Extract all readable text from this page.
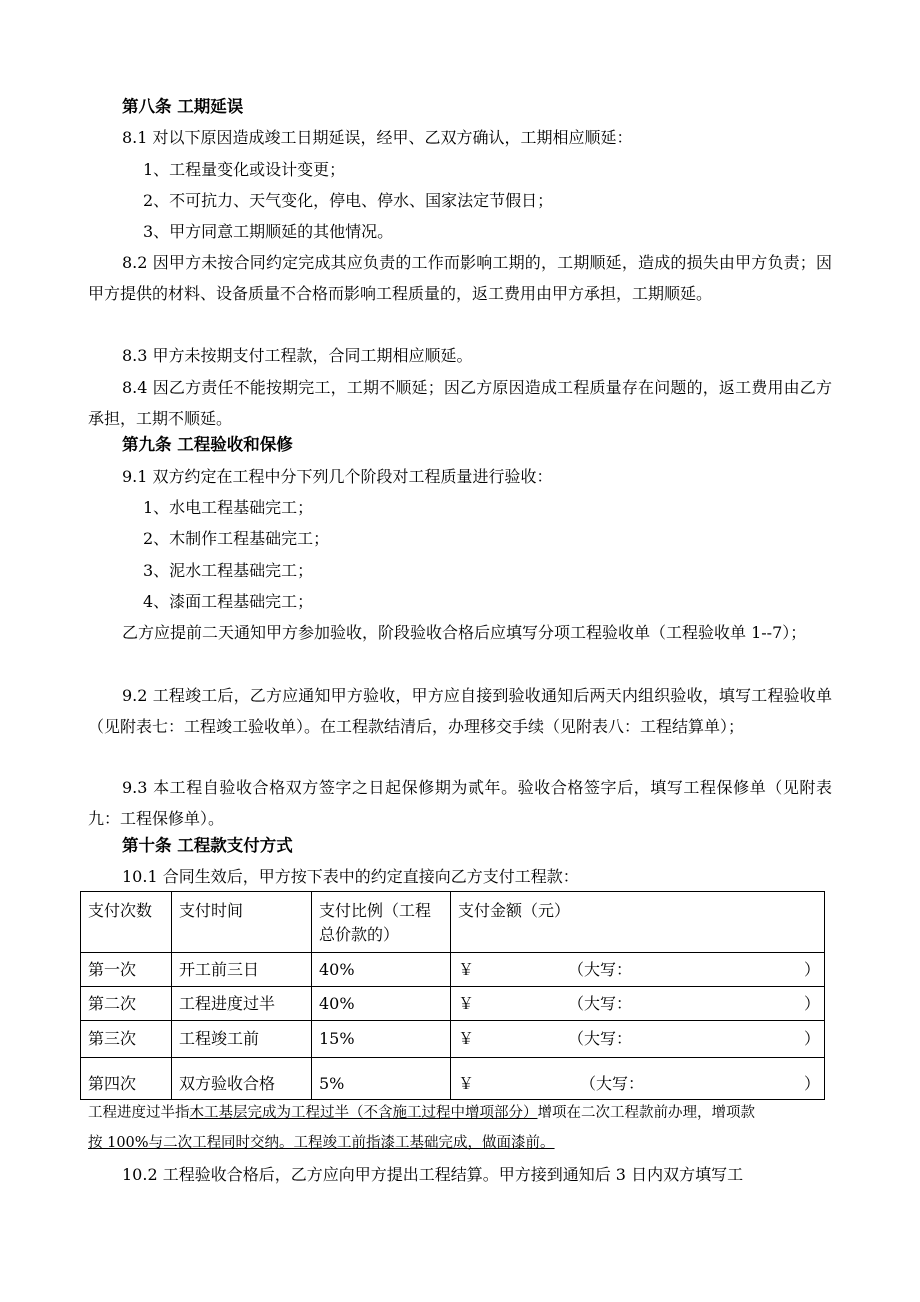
第八条 工期延误
8.1 对以下原因造成竣工日期延误，经甲、乙双方确认，工期相应顺延：
1、工程量变化或设计变更；
2、不可抗力、天气变化，停电、停水、国家法定节假日；
3、甲方同意工期顺延的其他情况。
8.2 因甲方未按合同约定完成其应负责的工作而影响工期的，工期顺延，造成的损失由甲方负责；因甲方提供的材料、设备质量不合格而影响工程质量的，返工费用由甲方承担，工期顺延。
8.3 甲方未按期支付工程款，合同工期相应顺延。
8.4 因乙方责任不能按期完工，工期不顺延；因乙方原因造成工程质量存在问题的，返工费用由乙方承担，工期不顺延。
第九条 工程验收和保修
9.1 双方约定在工程中分下列几个阶段对工程质量进行验收：
1、水电工程基础完工；
2、木制作工程基础完工；
3、泥水工程基础完工；
4、漆面工程基础完工；
乙方应提前二天通知甲方参加验收，阶段验收合格后应填写分项工程验收单（工程验收单 1--7）；
9.2 工程竣工后，乙方应通知甲方验收，甲方应自接到验收通知后两天内组织验收，填写工程验收单（见附表七：工程竣工验收单）。在工程款结清后，办理移交手续（见附表八：工程结算单）；
9.3 本工程自验收合格双方签字之日起保修期为贰年。验收合格签字后，填写工程保修单（见附表九：工程保修单）。
第十条 工程款支付方式
10.1 合同生效后，甲方按下表中的约定直接向乙方支付工程款：
支付次数	支付时间	支付比例（工程总价款的）	支付金额（元）
第一次	开工前三日	40%	￥ （大写： ）

第二次	工程进度过半	40%	￥ （大写： ）

第三次	工程竣工前	15%	￥ （大写： ）

第四次	双方验收合格	5%	￥ （大写： ）
工程进度过半指木工基层完成为工程过半（不含施工过程中增项部分）增项在二次工程款前办理，增项款
按 100%与二次工程同时交纳。工程竣工前指漆工基础完成，做面漆前。
10.2 工程验收合格后，乙方应向甲方提出工程结算。甲方接到通知后 3 日内双方填写工
